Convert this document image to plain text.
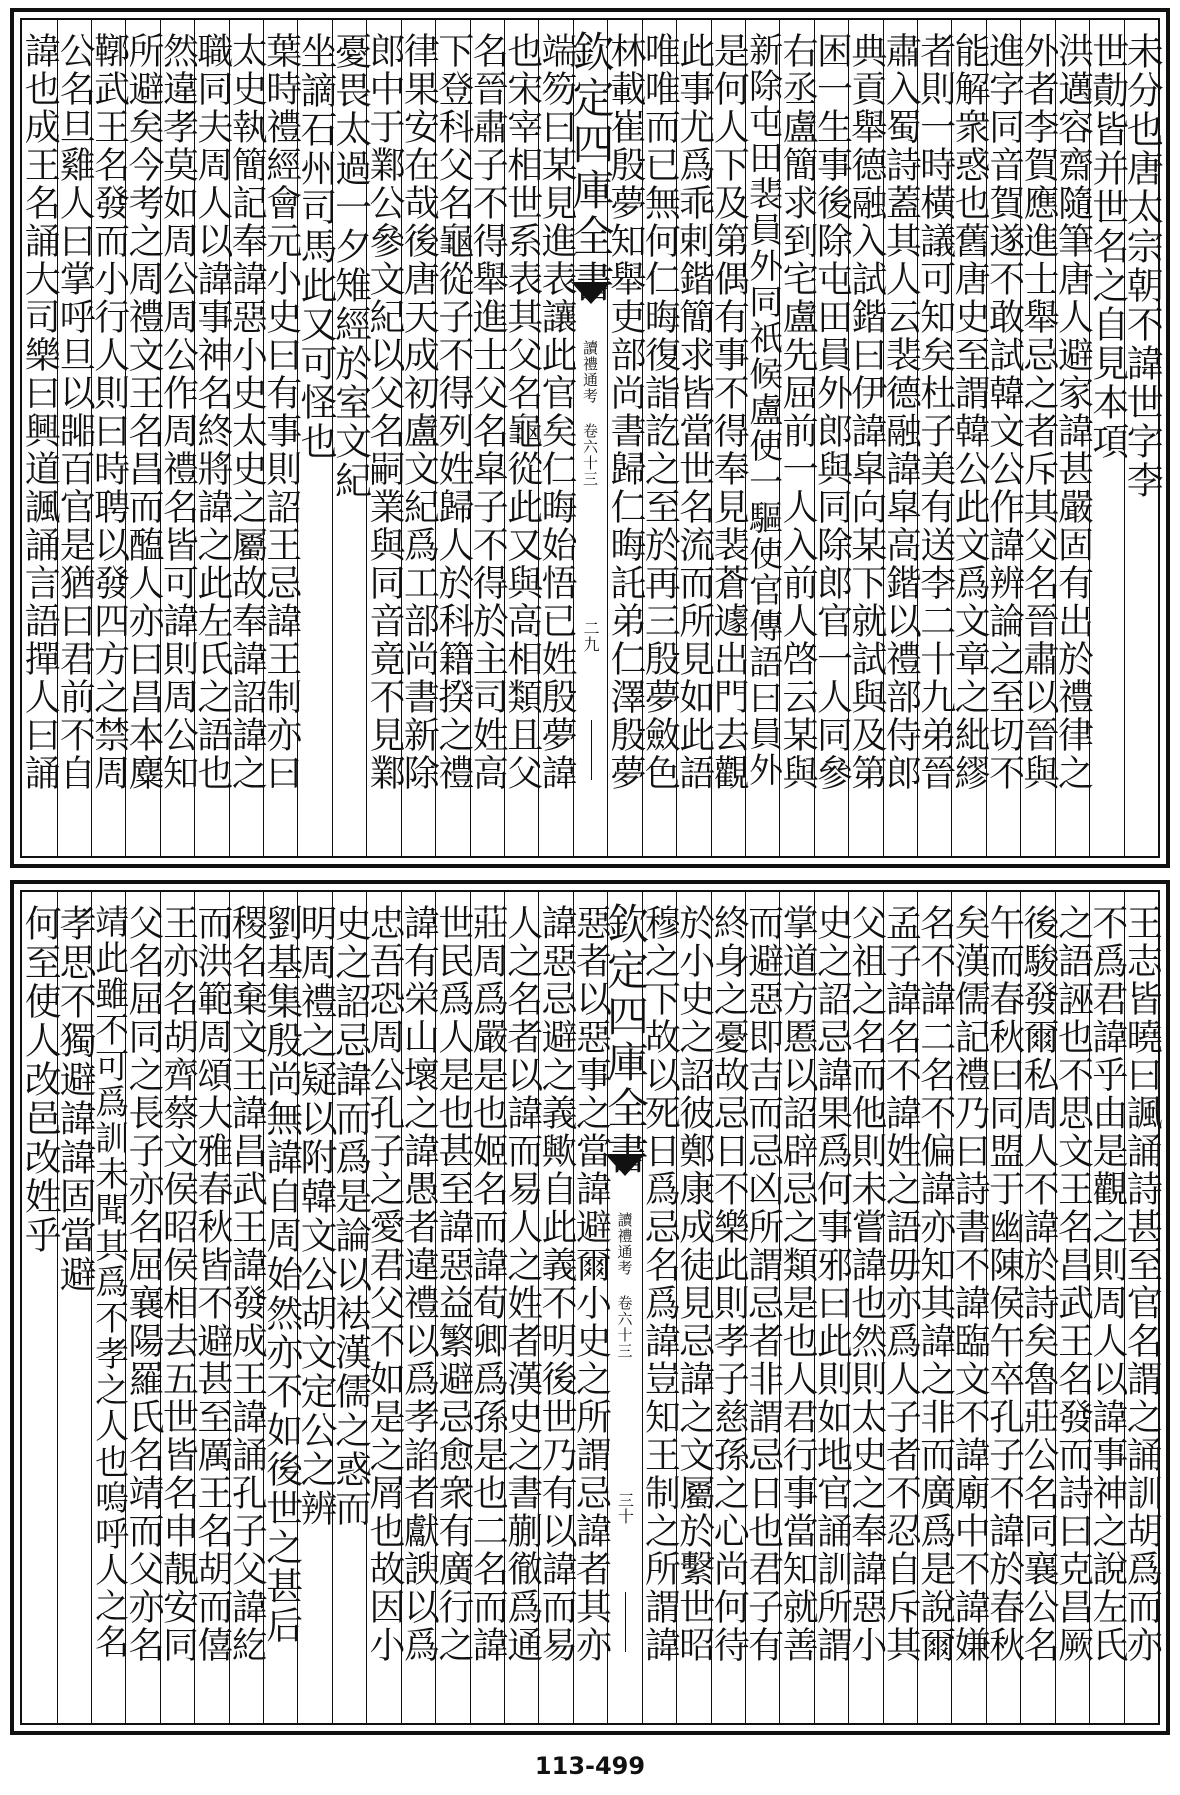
未分也唐太宗朝不諱世字李
世勣皆并世名之自見本項
洪邁容齋隨筆唐人避家諱甚嚴固有出於禮律之
外者李賀應進士舉忌之者斥其父名晉肅以晉與
進字同音賀遂不敢試韓文公作諱辨論之至切不
能解衆惑也舊唐史至謂韓公此文爲文章之紕繆
者則一時橫議可知矣杜子美有送李二十九弟晉
肅入蜀詩蓋其人云裴德融諱皐高鍇以禮部侍郎
典貢舉德融入試鍇曰伊諱皐向某下就試與及第
困一生事後除屯田員外郎與同除郎官一人同參
右丞盧簡求到宅盧先屈前一人入前人啓云某與
新除屯田裴員外同祇候盧使一驅使官傳語曰員外
是何人下及第偶有事不得奉見裴蒼遽出門去觀
此事尤爲乖剌鍇簡求皆當世名流而所見如此語
唯唯而已無何仁晦復詣訖之至於再三殷夢斂色
林載崔殷夢知舉吏部尚書歸仁晦託弟仁澤殷夢
欽定四庫全書
讀禮通考 卷六十三
二九
端笏曰某見進表讓此官矣仁晦始悟已姓殷夢諱
也宋宰相世系表其父名龜從此又與高相類且父
名晉肅子不得舉進士父名皐子不得於主司姓高
下登科父名龜從子不得列姓歸人於科籍揆之禮
律果安在哉後唐天成初盧文紀爲工部尚書新除
郎中于鄴公參文紀以父名嗣業與同音竟不見鄴
憂畏太過一夕雉經於室文紀
坐謫石州司馬此又可怪也
葉時禮經會元小史曰有事則詔王忌諱王制亦曰
太史執簡記奉諱惡小史太史之屬故奉諱詔諱之
職同夫周人以諱事神名終將諱之此左氏之語也
然違孝莫如周公周公作周禮名皆可諱則周公知
所避矣今考之周禮文王名昌而醢人亦曰昌本麋
鞹武王名發而小行人則曰時聘以發四方之禁周
公名旦雞人曰掌呼旦以嘂百官是猶曰君前不自
諱也成王名誦大司樂曰興道諷誦言語撣人曰誦
王志皆曉曰諷誦詩甚至官名謂之誦訓胡爲而亦
不爲君諱乎由是觀之則周人以諱事神之說左氏
之語誣也不思文王名昌武王名發而詩曰克昌厥
後駿發爾私周人不諱於詩矣魯莊公名同襄公名
午而春秋曰同盟于幽陳侯午卒孔子不諱於春秋
矣漢儒記禮乃曰詩書不諱臨文不諱廟中不諱嫌
名不諱二名不偏諱亦知其諱之非而廣爲是說爾
孟子諱名不諱姓之語毋亦爲人子者不忍自斥其
父祖之名而他則未嘗諱也然則太史之奉諱惡小
史之詔忌諱果爲何事邪曰此則如地官誦訓所謂
掌道方慝以詔辟忌之類是也人君行事當知就善
而避惡即吉而忌凶所謂忌者非謂忌日也君子有
終身之憂故忌日不樂此則孝子慈孫之心尚何待
於小史之詔彼鄭康成徒見忌諱之文屬於繫世昭
穆之下故以死日爲忌名爲諱豈知王制之所謂諱
欽定四庫全書
讀禮通考 卷六十三
三十
惡者以惡事之當諱避爾小史之所謂忌諱者其亦
諱惡忌避之義歟自此義不明後世乃有以諱而易
人之名者以諱而易人之姓者漢史之書蒯徹爲通
莊周爲嚴是也姬名而諱荀卿爲孫是也二名而諱
世民爲人是也甚至諱惡益繁避忌愈衆有廣行之
諱有栄山壞之諱愚者違禮以爲孝諂者獻諛以爲
忠吾恐周公孔子之愛君父不如是之屑也故因小
史之詔忌諱而爲是論以袪漢儒之惑而
明周禮之疑以附韓文公胡文定公之辨
劉基集殷尚無諱自周始然亦不如後世之甚后
稷名棄文王諱昌武王諱發成王諱誦孔子父諱紇
而洪範周頌大雅春秋皆不避甚至厲王名胡而僖
王亦名胡齊蔡文侯昭侯相去五世皆名申靚安同
父名屈同之長子亦名屈襄陽羅氏名靖而父亦名
靖此雖不可爲訓未聞其爲不孝之人也嗚呼人之名
孝思不獨避諱諱固當避
何至使人改邑改姓乎
113-499
